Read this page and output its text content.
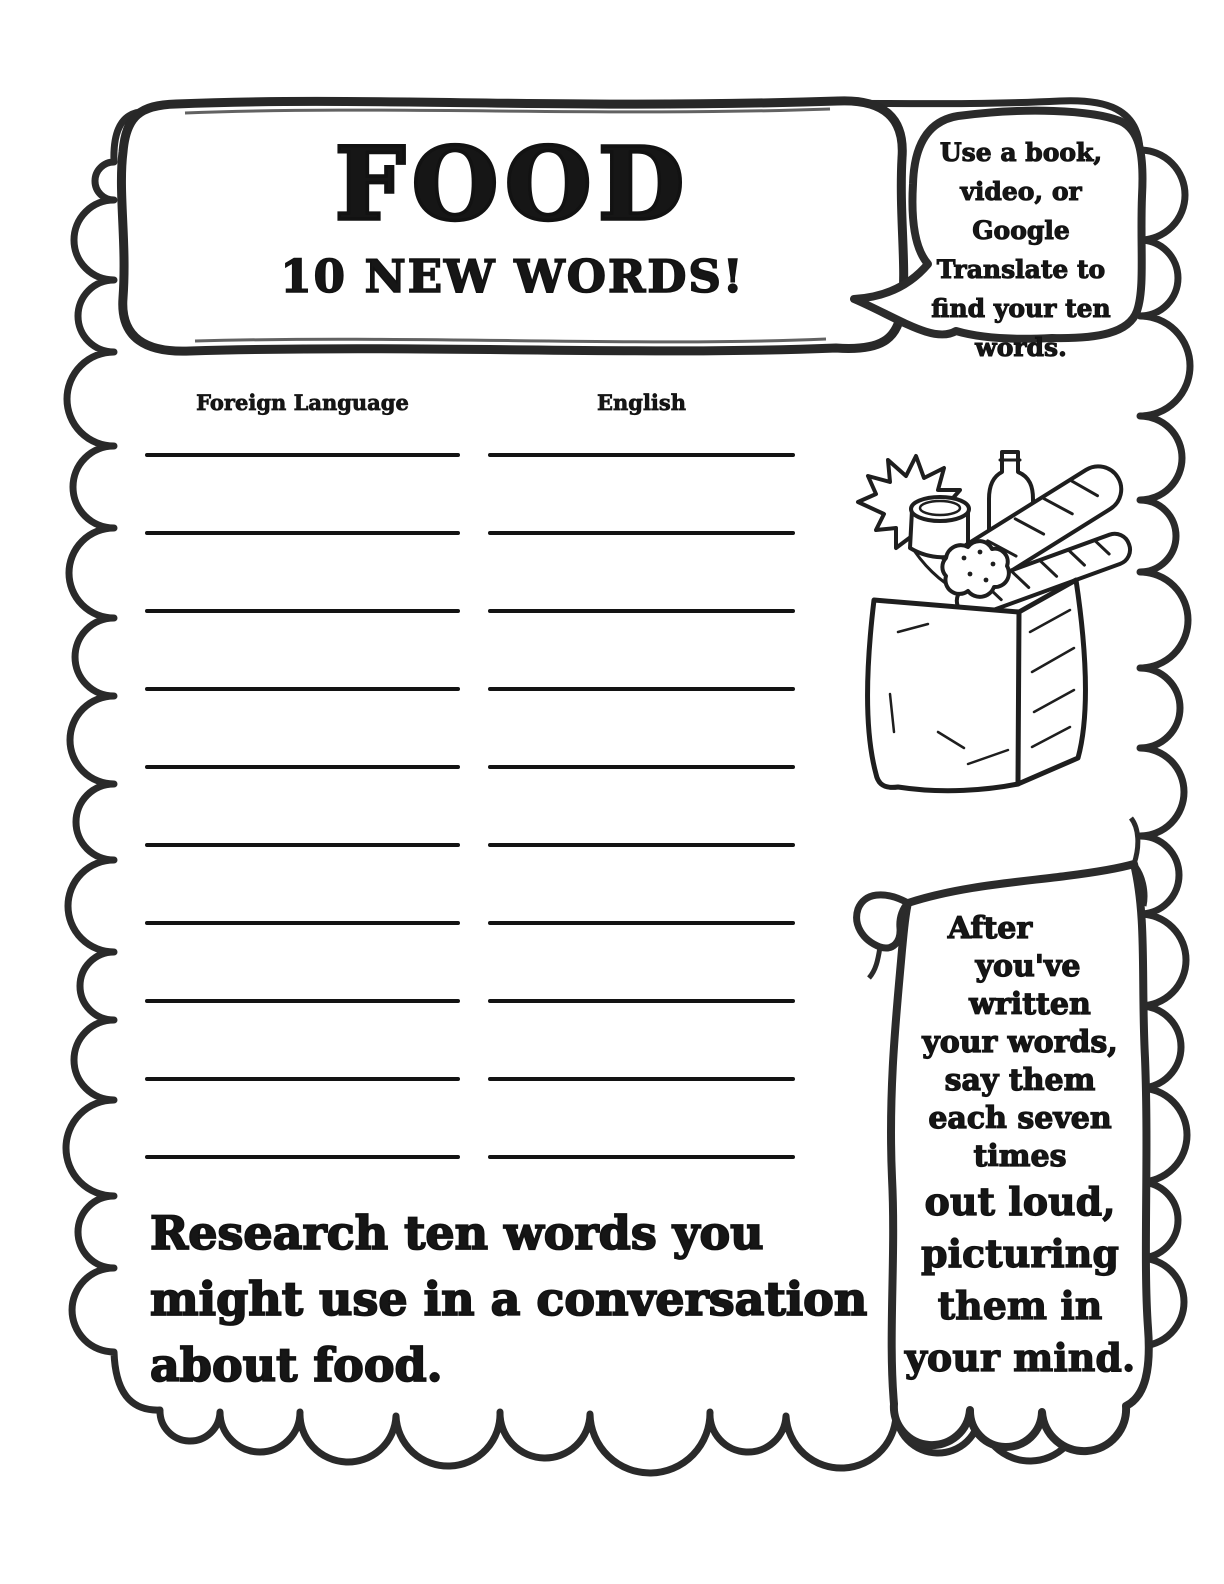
FOOD
10 NEW WORDS!
Use a book,
video, or Google
Translate to
find your ten
words.
Foreign Language	English
After
you've
written
your words,
say them
each seven
times
out loud,
picturing
them in
your mind.
Research ten words you
might use in a conversation
about food.
